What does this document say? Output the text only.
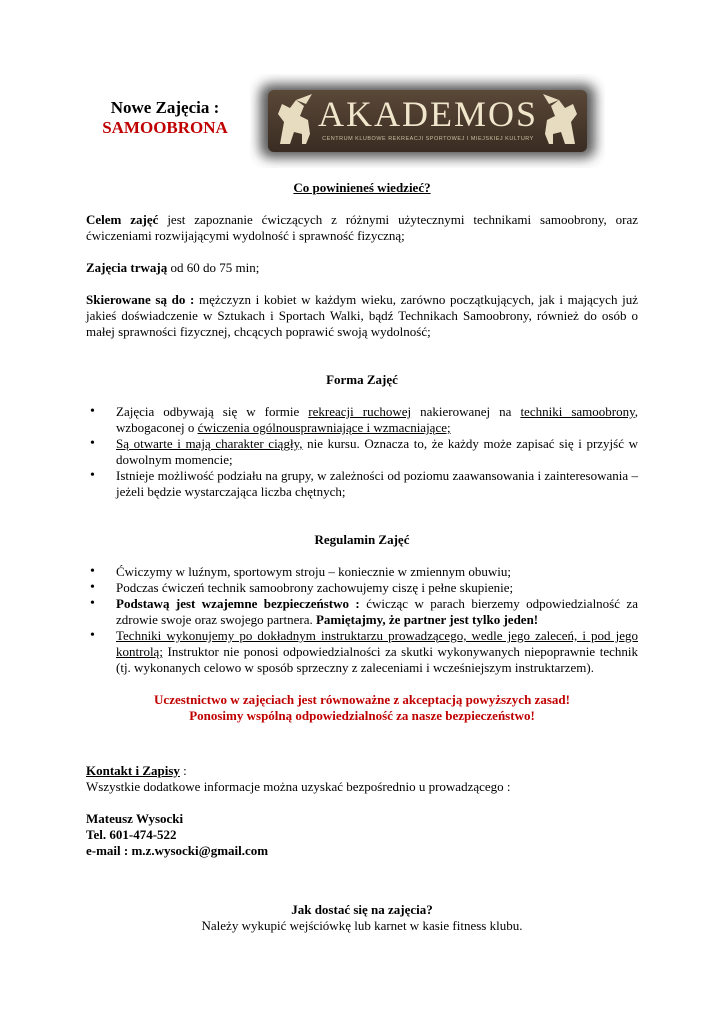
Nowe Zajęcia :
SAMOOBRONA	AKADEMOS
CENTRUM KLUBOWE REKREACJI SPORTOWEJ I MIEJSKIEJ KULTURY

Co powinieneś wiedzieć?

Celem zajęć jest zapoznanie ćwiczących z różnymi użytecznymi technikami samoobrony, oraz ćwiczeniami rozwijającymi wydolność i sprawność fizyczną;

Zajęcia trwają od 60 do 75 min;

Skierowane są do : mężczyzn i kobiet w każdym wieku, zarówno początkujących, jak i mających już jakieś doświadczenie w Sztukach i Sportach Walki, bądź Technikach Samoobrony, również do osób o małej sprawności fizycznej, chcących poprawić swoją wydolność;

Forma Zajęć

• Zajęcia odbywają się w formie rekreacji ruchowej nakierowanej na techniki samoobrony, wzbogaconej o ćwiczenia ogólnousprawniające i wzmacniające;
• Są otwarte i mają charakter ciągły, nie kursu. Oznacza to, że każdy może zapisać się i przyjść w dowolnym momencie;
• Istnieje możliwość podziału na grupy, w zależności od poziomu zaawansowania i zainteresowania – jeżeli będzie wystarczająca liczba chętnych;

Regulamin Zajęć

• Ćwiczymy w luźnym, sportowym stroju – koniecznie w zmiennym obuwiu;
• Podczas ćwiczeń technik samoobrony zachowujemy ciszę i pełne skupienie;
• Podstawą jest wzajemne bezpieczeństwo : ćwicząc w parach bierzemy odpowiedzialność za zdrowie swoje oraz swojego partnera. Pamiętajmy, że partner jest tylko jeden!
• Techniki wykonujemy po dokładnym instruktarzu prowadzącego, wedle jego zaleceń, i pod jego kontrolą; Instruktor nie ponosi odpowiedzialności za skutki wykonywanych niepoprawnie technik (tj. wykonanych celowo w sposób sprzeczny z zaleceniami i wcześniejszym instruktarzem).

Uczestnictwo w zajęciach jest równoważne z akceptacją powyższych zasad!

Ponosimy wspólną odpowiedzialność za nasze bezpieczeństwo!

Kontakt i Zapisy :

Wszystkie dodatkowe informacje można uzyskać bezpośrednio u prowadzącego :

Mateusz Wysocki

Tel. 601-474-522

e-mail : m.z.wysocki@gmail.com

Jak dostać się na zajęcia?

Należy wykupić wejściówkę lub karnet w kasie fitness klubu.
